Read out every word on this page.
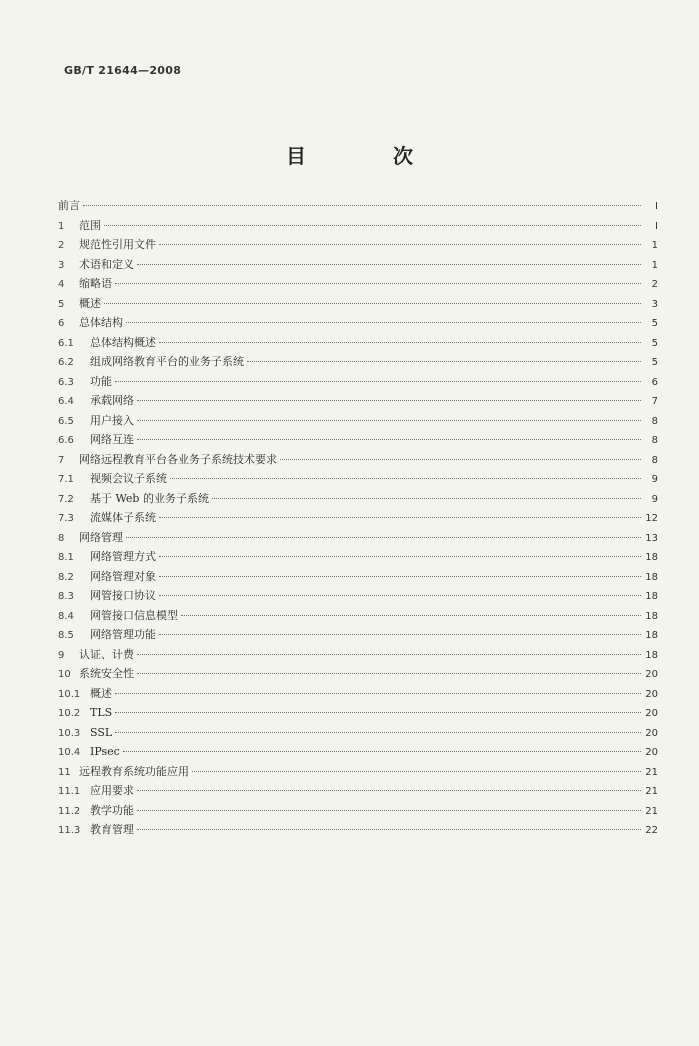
GB/T 21644—2008
目 次
前言	I
1	范围	I
2	规范性引用文件	1
3	术语和定义	1
4	缩略语	2
5	概述	3
6	总体结构	5
6.1	总体结构概述	5
6.2	组成网络教育平台的业务子系统	5
6.3	功能	6
6.4	承载网络	7
6.5	用户接入	8
6.6	网络互连	8
7	网络远程教育平台各业务子系统技术要求	8
7.1	视频会议子系统	9
7.2	基于 Web 的业务子系统	9
7.3	流媒体子系统	12
8	网络管理	13
8.1	网络管理方式	18
8.2	网络管理对象	18
8.3	网管接口协议	18
8.4	网管接口信息模型	18
8.5	网络管理功能	18
9	认证、计费	18
10 系统安全性	20
10.1 概述	20
10.2 TLS	20
10.3 SSL	20
10.4 IPsec	20
11 远程教育系统功能应用	21
11.1 应用要求	21
11.2 教学功能	21
11.3 教育管理	22
